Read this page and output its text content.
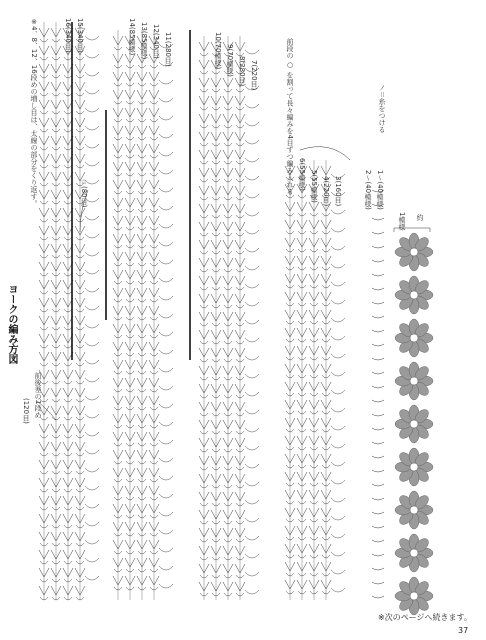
ヨークの編み方図
※4、8、12、16段めの増し目は、太線の部分をくり返す。	16(340目) 15(340目)	14(85模様) 13(85模様) 12(340目) 11(280目)	10(70模様) 9(70模様) 8(280目) 7(220目)
6(55模様) 5(55模様) 4(220目) 3(160目)	2〜(40模様) 1〜(40模様)
☆(80目)
(120目) 前後差の1段め
前段の ○ を割って長々編みを4目ずつ編み入れる	ノ＝糸をつける
1模様 約
※次のページへ続きます。
37
